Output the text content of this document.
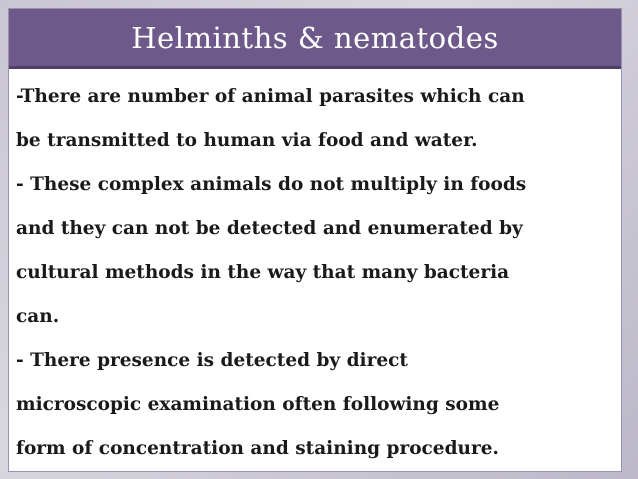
Helminths & nematodes
-There are number of animal parasites which can
be transmitted to human via food and water.
- These complex animals do not multiply in foods
and they can not be detected and enumerated by
cultural methods in the way that many bacteria
can.
- There presence is detected by direct
microscopic examination often following some
form of concentration and staining procedure.
